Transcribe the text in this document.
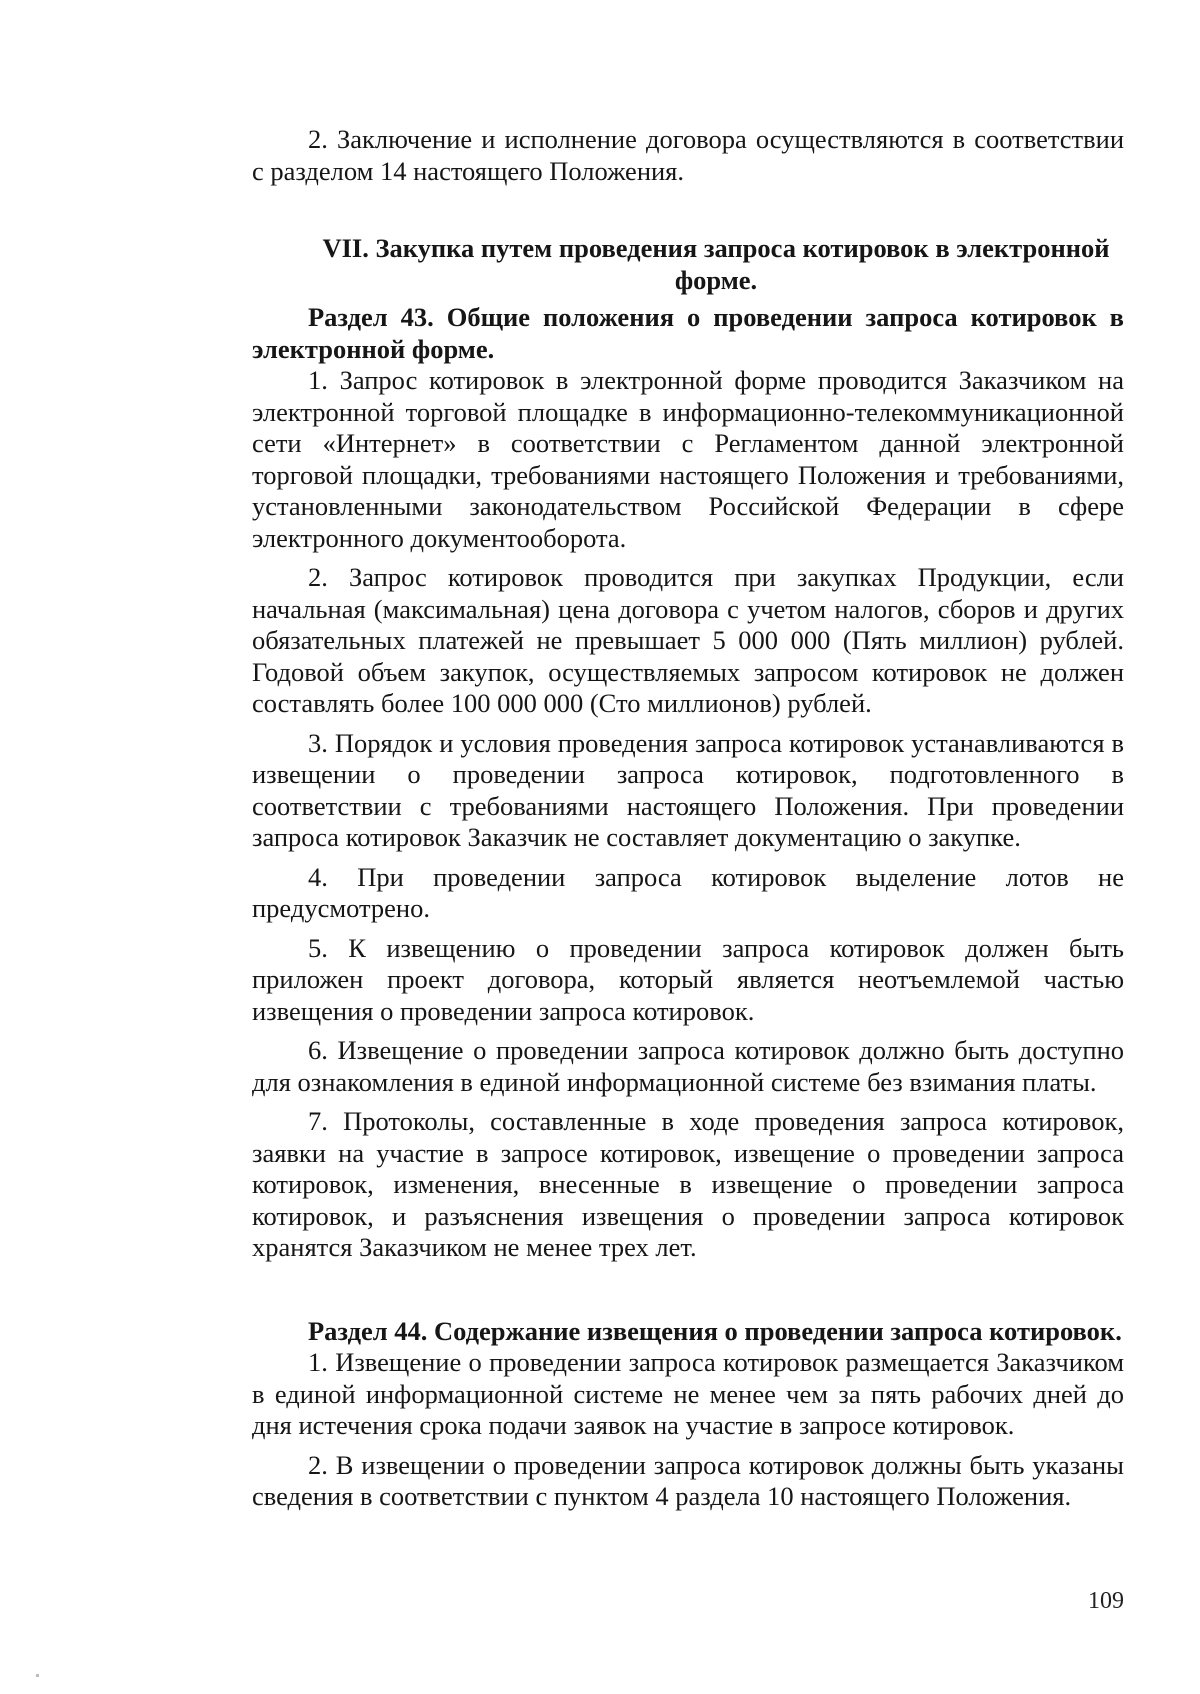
2. Заключение и исполнение договора осуществляются в соответствии с разделом 14 настоящего Положения.

VII. Закупка путем проведения запроса котировок в электронной форме.

Раздел 43. Общие положения о проведении запроса котировок в электронной форме.

1. Запрос котировок в электронной форме проводится Заказчиком на электронной торговой площадке в информационно-телекоммуникационной сети «Интернет» в соответствии с Регламентом данной электронной торговой площадки, требованиями настоящего Положения и требованиями, установленными законодательством Российской Федерации в сфере электронного документооборота.

2. Запрос котировок проводится при закупках Продукции, если начальная (максимальная) цена договора с учетом налогов, сборов и других обязательных платежей не превышает 5 000 000 (Пять миллион) рублей. Годовой объем закупок, осуществляемых запросом котировок не должен составлять более 100 000 000 (Сто миллионов) рублей.

3. Порядок и условия проведения запроса котировок устанавливаются в извещении о проведении запроса котировок, подготовленного в соответствии с требованиями настоящего Положения. При проведении запроса котировок Заказчик не составляет документацию о закупке.

4. При проведении запроса котировок выделение лотов не предусмотрено.

5. К извещению о проведении запроса котировок должен быть приложен проект договора, который является неотъемлемой частью извещения о проведении запроса котировок.

6. Извещение о проведении запроса котировок должно быть доступно для ознакомления в единой информационной системе без взимания платы.

7. Протоколы, составленные в ходе проведения запроса котировок, заявки на участие в запросе котировок, извещение о проведении запроса котировок, изменения, внесенные в извещение о проведении запроса котировок, и разъяснения извещения о проведении запроса котировок хранятся Заказчиком не менее трех лет.

Раздел 44. Содержание извещения о проведении запроса котировок.

1. Извещение о проведении запроса котировок размещается Заказчиком в единой информационной системе не менее чем за пять рабочих дней до дня истечения срока подачи заявок на участие в запросе котировок.

2. В извещении о проведении запроса котировок должны быть указаны сведения в соответствии с пунктом 4 раздела 10 настоящего Положения.

109
